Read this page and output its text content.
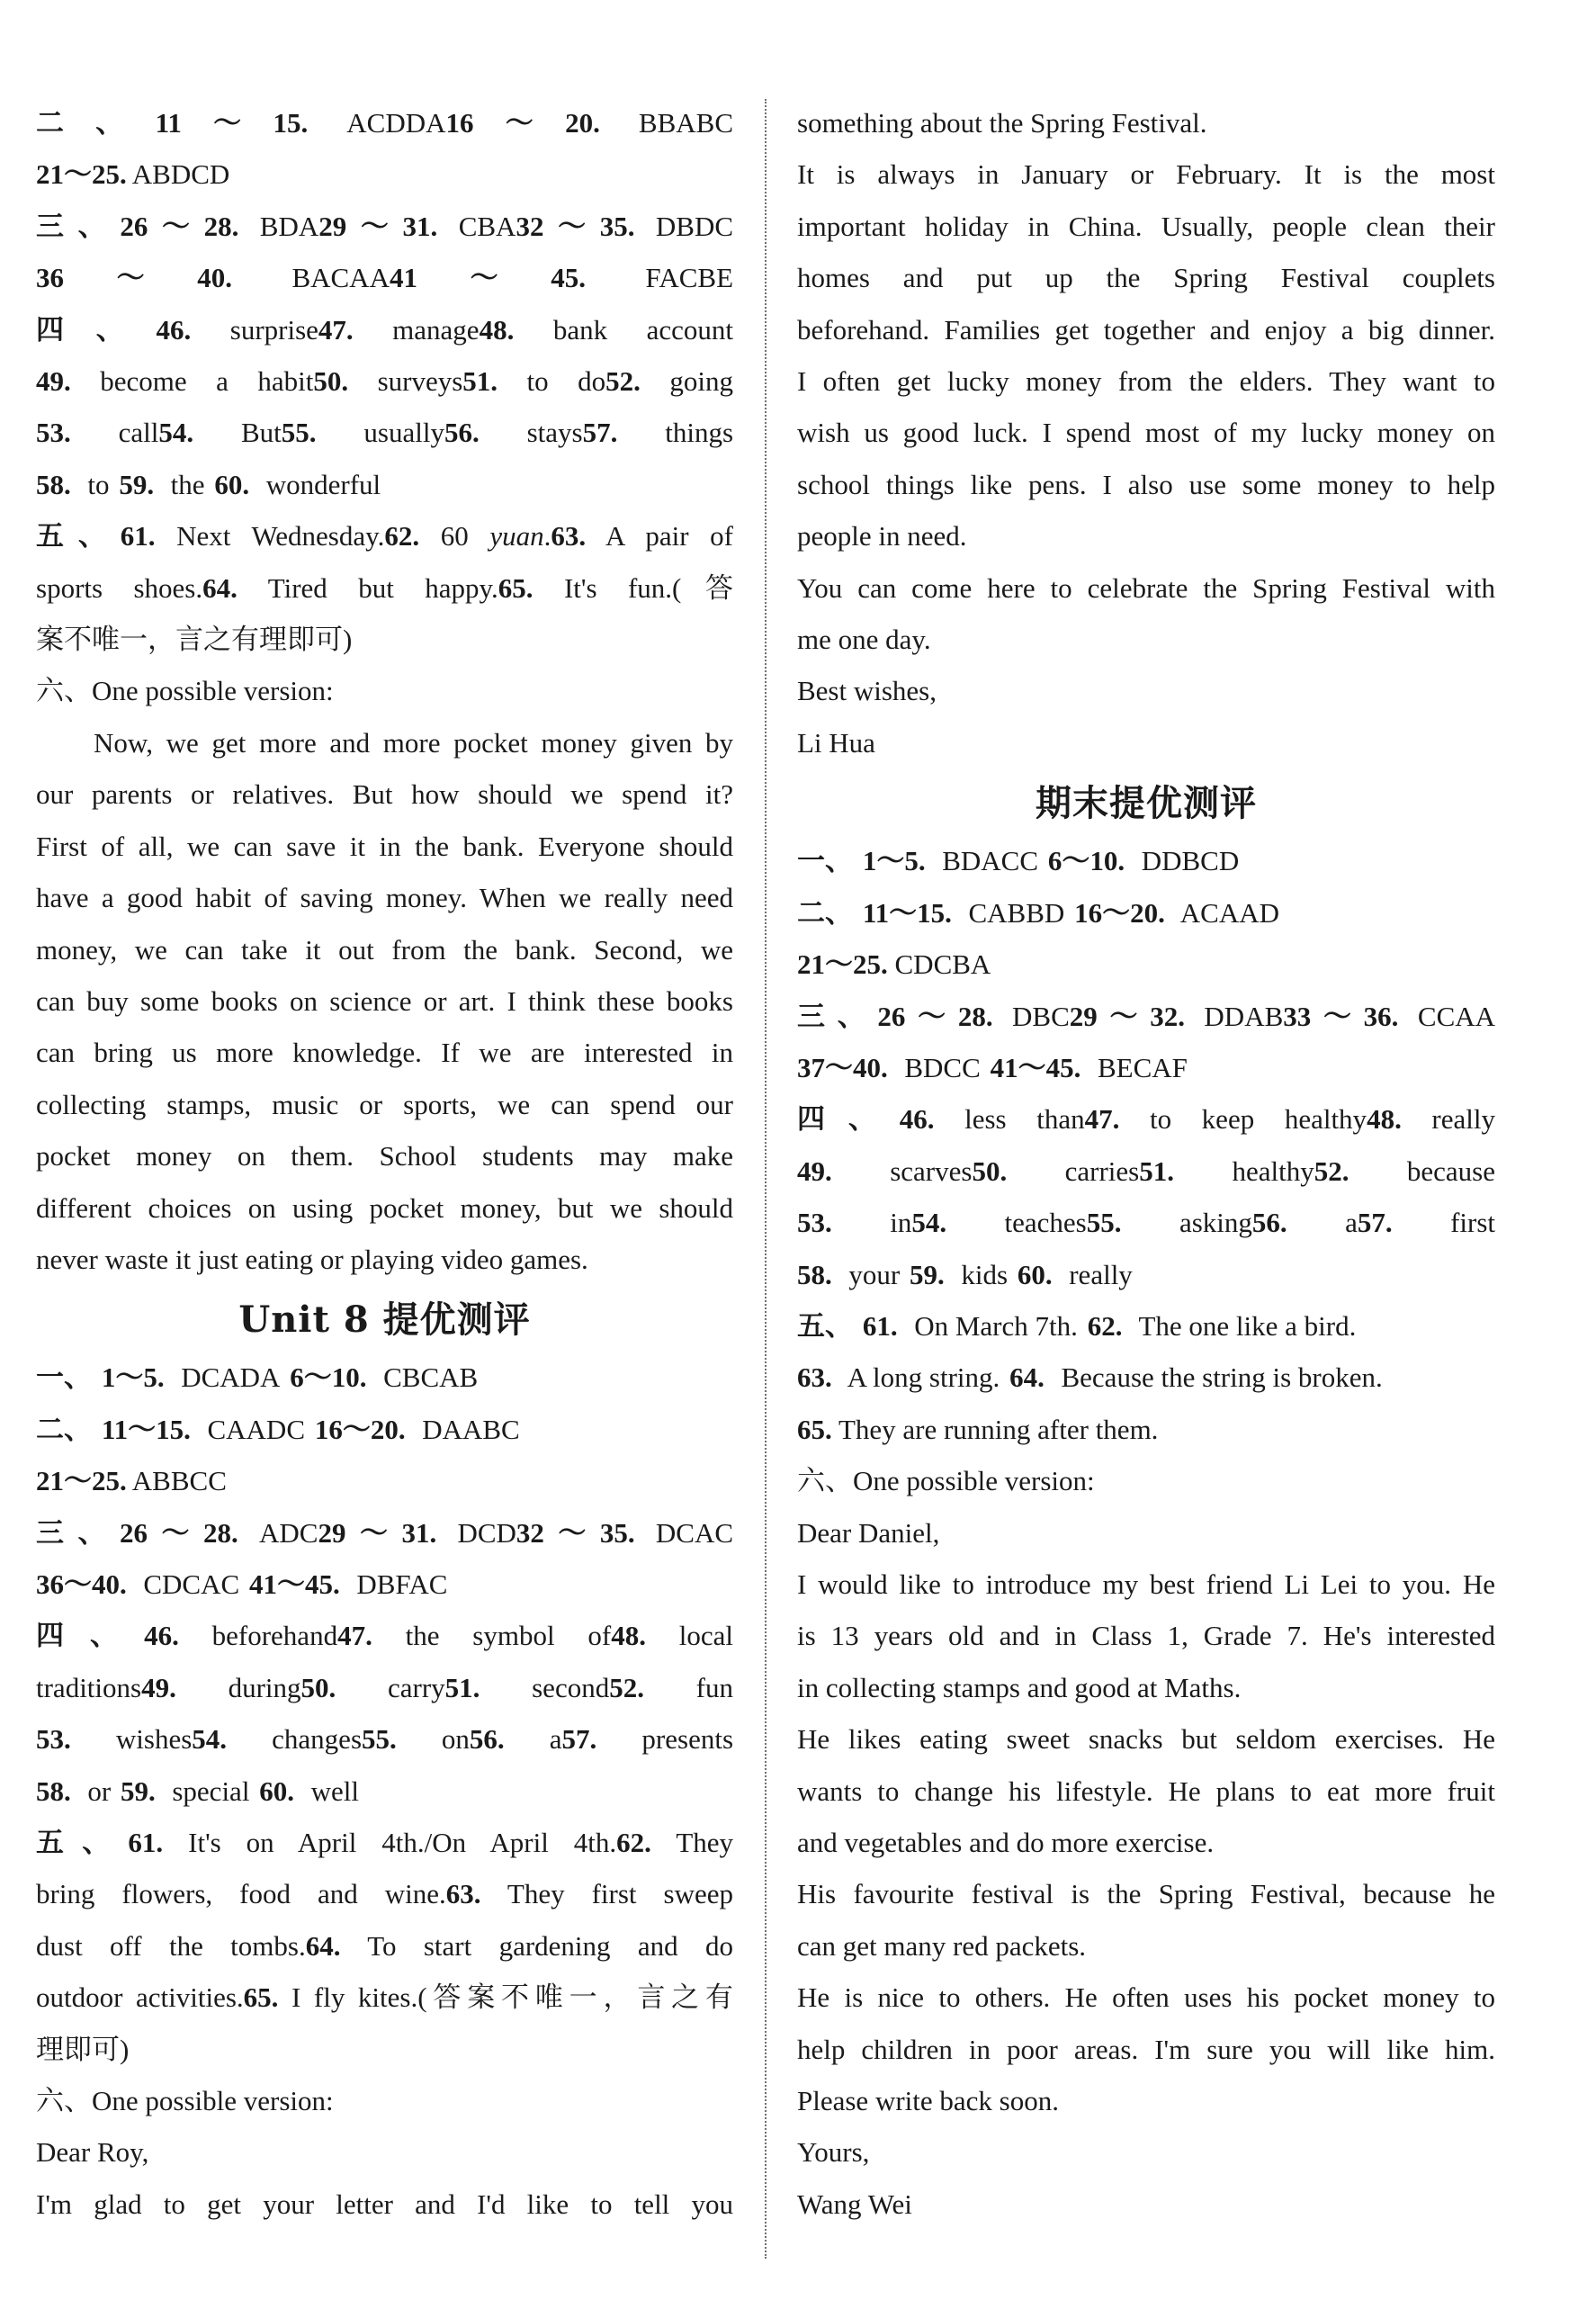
二、11～15. ACDDA16～20. BBABC
21～25. ABDCD
三、26～28. BDA29～31. CBA32～35. DBDC
36～40. BACAA41～45. FACBE
四、46. surprise47. manage48. bank account
49. become a habit50. surveys51. to do52. going
53. call54. But55. usually56. stays57. things
58. to 59. the 60. wonderful
五、61. Next Wednesday.62. 60 yuan.63. A pair of
sports shoes.64. Tired but happy.65. It's fun.(答
案不唯一，言之有理即可)
六、One possible version:
Now, we get more and more pocket money given by
our parents or relatives. But how should we spend it?
First of all, we can save it in the bank. Everyone should
have a good habit of saving money. When we really need
money, we can take it out from the bank. Second, we
can buy some books on science or art. I think these books
can bring us more knowledge. If we are interested in
collecting stamps, music or sports, we can spend our
pocket money on them. School students may make
different choices on using pocket money, but we should
never waste it just eating or playing video games.
Unit 8 提优测评
一、 1～5. DCADA 6～10. CBCAB
二、 11～15. CAADC 16～20. DAABC
21～25. ABBCC
三、26～28. ADC29～31. DCD32～35. DCAC
36～40. CDCAC 41～45. DBFAC
四、46. beforehand47. the symbol of48. local
traditions49. during50. carry51. second52. fun
53. wishes54. changes55. on56. a57. presents
58. or 59. special 60. well
五、61. It's on April 4th./On April 4th.62. They
bring flowers, food and wine.63. They first sweep
dust off the tombs.64. To start gardening and do
outdoor activities.65. I fly kites.(答案不唯一，言之有
理即可)
六、One possible version:
Dear Roy,
I'm glad to get your letter and I'd like to tell you
something about the Spring Festival.
It is always in January or February. It is the most
important holiday in China. Usually, people clean their
homes and put up the Spring Festival couplets
beforehand. Families get together and enjoy a big dinner.
I often get lucky money from the elders. They want to
wish us good luck. I spend most of my lucky money on
school things like pens. I also use some money to help
people in need.
You can come here to celebrate the Spring Festival with
me one day.
Best wishes,
Li Hua
期末提优测评
一、 1～5. BDACC 6～10. DDBCD
二、 11～15. CABBD 16～20. ACAAD
21～25. CDCBA
三、26～28. DBC29～32. DDAB33～36. CCAA
37～40. BDCC 41～45. BECAF
四、46. less than47. to keep healthy48. really
49. scarves50. carries51. healthy52. because
53. in54. teaches55. asking56. a57. first
58. your 59. kids 60. really
五、 61. On March 7th. 62. The one like a bird.
63. A long string. 64. Because the string is broken.
65. They are running after them.
六、One possible version:
Dear Daniel,
I would like to introduce my best friend Li Lei to you. He
is 13 years old and in Class 1, Grade 7. He's interested
in collecting stamps and good at Maths.
He likes eating sweet snacks but seldom exercises. He
wants to change his lifestyle. He plans to eat more fruit
and vegetables and do more exercise.
His favourite festival is the Spring Festival, because he
can get many red packets.
He is nice to others. He often uses his pocket money to
help children in poor areas. I'm sure you will like him.
Please write back soon.
Yours,
Wang Wei
